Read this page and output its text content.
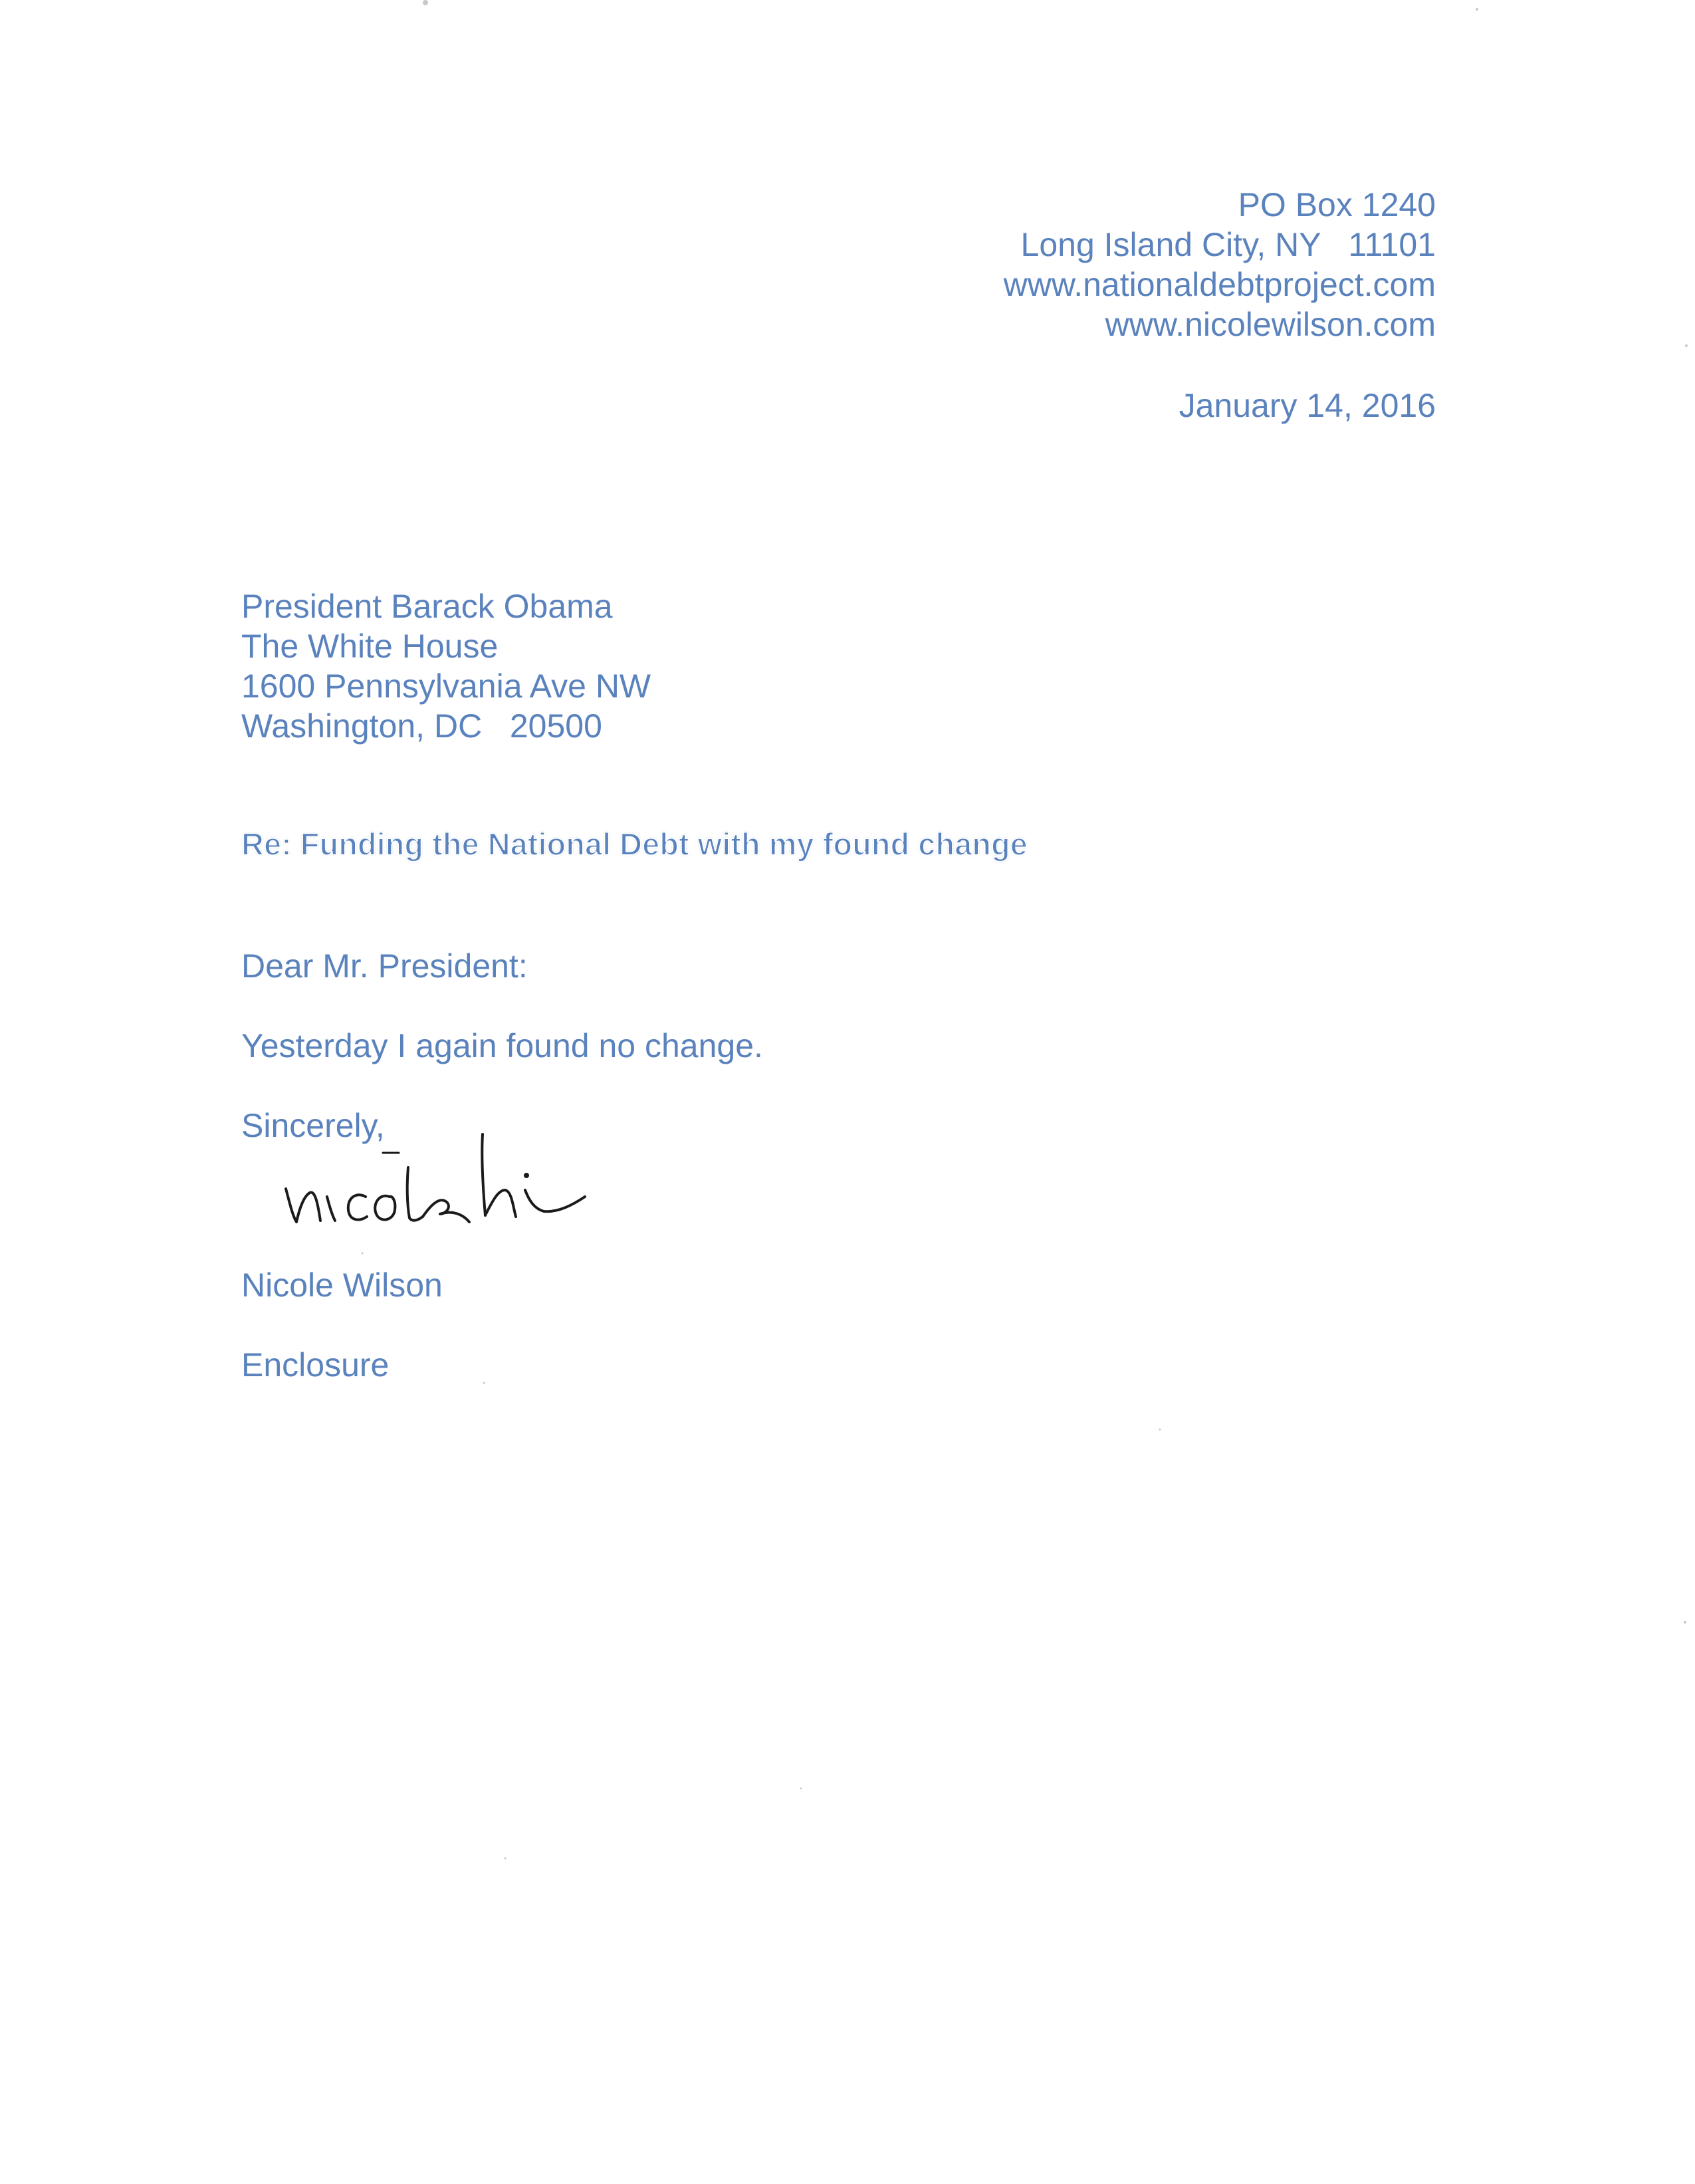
PO Box 1240
Long Island City, NY   11101
www.nationaldebtproject.com
www.nicolewilson.com
January 14, 2016
President Barack Obama
The White House
1600 Pennsylvania Ave NW
Washington, DC   20500
Re: Funding the National Debt with my found change
Dear Mr. President:
Yesterday I again found no change.
Sincerely,
Nicole Wilson
Enclosure
